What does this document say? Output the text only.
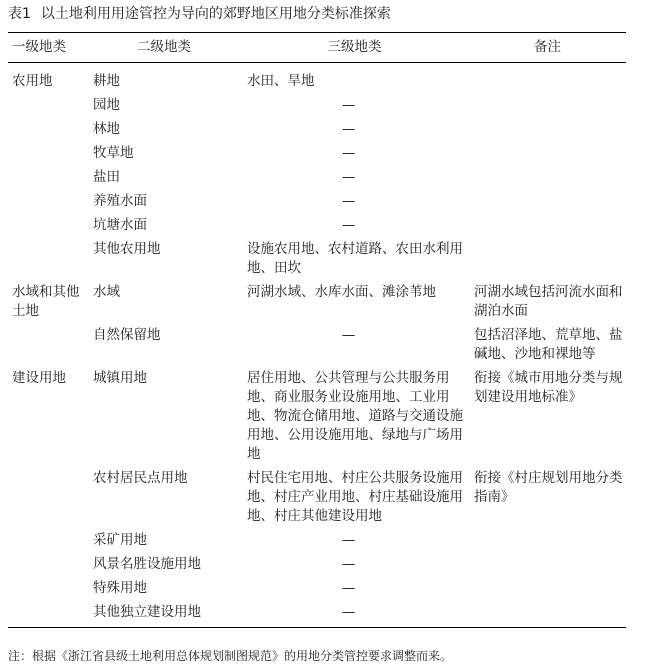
表1 以土地利用用途管控为导向的郊野地区用地分类标准探索
一级地类	二级地类	三级地类	备注
农用地	耕地	水田、旱地	
	园地	—	
	林地	—	
	牧草地	—	
	盐田	—	
	养殖水面	—	
	坑塘水面	—	
	其他农用地	设施农用地、农村道路、农田水利用地、田坎	
水域和其他土地	水域	河湖水域、水库水面、滩涂苇地	河湖水域包括河流水面和湖泊水面
	自然保留地	—	包括沼泽地、荒草地、盐碱地、沙地和裸地等
建设用地	城镇用地	居住用地、公共管理与公共服务用地、商业服务业设施用地、工业用地、物流仓储用地、道路与交通设施用地、公用设施用地、绿地与广场用地	衔接《城市用地分类与规划建设用地标准》
	农村居民点用地	村民住宅用地、村庄公共服务设施用地、村庄产业用地、村庄基础设施用地、村庄其他建设用地	衔接《村庄规划用地分类指南》
	采矿用地	—	
	风景名胜设施用地	—	
	特殊用地	—	
	其他独立建设用地	—	
注：根据《浙江省县级土地利用总体规划制图规范》的用地分类管控要求调整而来。
